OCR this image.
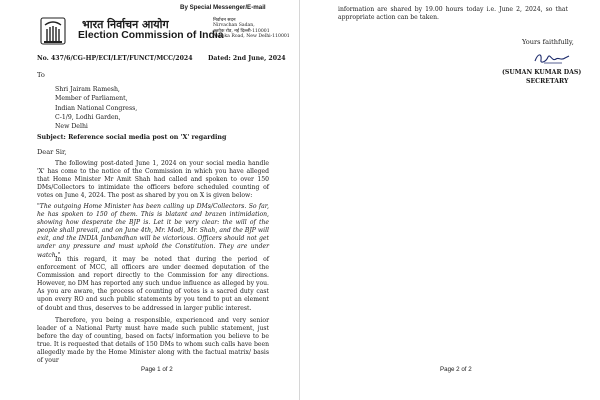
By Special Messenger/E-mail
भारत निर्वाचन आयोग
Election Commission of India
निर्वाचन सदन
Nirvachan Sadan,
अशोक रोड, नई दिल्ली-110001
Ashoka Road, New Delhi-110001
No. 437/6/CG-HP/ECI/LET/FUNCT/MCC/2024 Dated: 2nd June, 2024
To
Shri Jairam Ramesh,
Member of Parliament,
Indian National Congress,
C-1/9, Lodhi Garden,
New Delhi
Subject: Reference social media post on 'X' regarding
Dear Sir,
The following post-dated June 1, 2024 on your social media handle 'X' has come to the notice of the Commission in which you have alleged that Home Minister Mr Amit Shah had called and spoken to over 150 DMs/Collectors to intimidate the officers before scheduled counting of votes on June 4, 2024. The post as shared by you on X is given below:
"The outgoing Home Minister has been calling up DMs/Collectors. So far, he has spoken to 150 of them. This is blatant and brazen intimidation, showing how desperate the BJP is. Let it be very clear: the will of the people shall prevail, and on June 4th, Mr. Modi, Mr. Shah, and the BJP will exit, and the INDIA Janbandhan will be victorious. Officers should not get under any pressure and must uphold the Constitution. They are under watch."
In this regard, it may be noted that during the period of enforcement of MCC, all officers are under deemed deputation of the Commission and report directly to the Commission for any directions. However, no DM has reported any such undue influence as alleged by you. As you are aware, the process of counting of votes is a sacred duty cast upon every RO and such public statements by you tend to put an element of doubt and thus, deserves to be addressed in larger public interest.
Therefore, you being a responsible, experienced and very senior leader of a National Party must have made such public statement, just before the day of counting, based on facts/ information you believe to be true. It is requested that details of 150 DMs to whom such calls have been allegedly made by the Home Minister along with the factual matrix/ basis of your
Page 1 of 2
information are shared by 19.00 hours today i.e. June 2, 2024, so that appropriate action can be taken.
Yours faithfully,
(SUMAN KUMAR DAS)
SECRETARY
Page 2 of 2
